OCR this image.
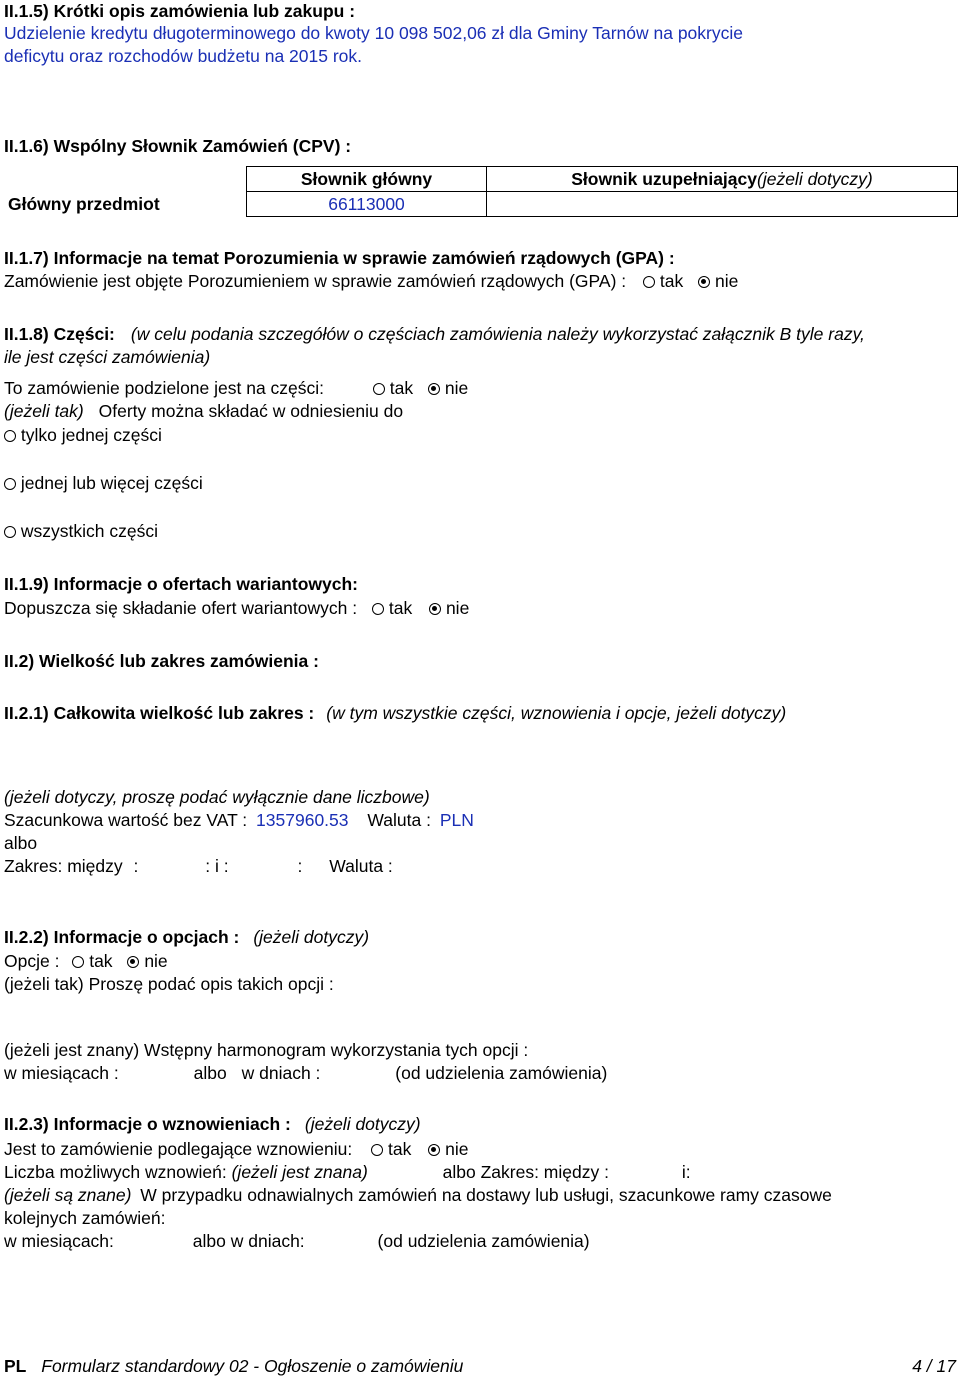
II.1.5) Krótki opis zamówienia lub zakupu :
Udzielenie kredytu długoterminowego do kwoty 10 098 502,06 zł dla Gminy Tarnów na pokrycie
deficytu oraz rozchodów budżetu na 2015 rok.
II.1.6) Wspólny Słownik Zamówień (CPV) :
	Słownik główny	Słownik uzupełniający(jeżeli dotyczy)
Główny przedmiot	66113000	
II.1.7) Informacje na temat Porozumienia w sprawie zamówień rządowych (GPA) :
Zamówienie jest objęte Porozumieniem w sprawie zamówień rządowych (GPA) : tak nie
II.1.8) Części: (w celu podania szczegółów o częściach zamówienia należy wykorzystać załącznik B tyle razy,
ile jest części zamówienia)
To zamówienie podzielone jest na części:	tak nie
(jeżeli tak) Oferty można składać w odniesieniu do
tylko jednej części
jednej lub więcej części
wszystkich części
II.1.9) Informacje o ofertach wariantowych:
Dopuszcza się składanie ofert wariantowych : tak nie
II.2) Wielkość lub zakres zamówienia :
II.2.1) Całkowita wielkość lub zakres : (w tym wszystkie części, wznowienia i opcje, jeżeli dotyczy)
(jeżeli dotyczy, proszę podać wyłącznie dane liczbowe)
Szacunkowa wartość bez VAT : 1357960.53 Waluta : PLN
albo
Zakres: między :	: i :	: Waluta :
II.2.2) Informacje o opcjach : (jeżeli dotyczy)
Opcje : tak nie
(jeżeli tak) Proszę podać opis takich opcji :
(jeżeli jest znany) Wstępny harmonogram wykorzystania tych opcji :
w miesiącach :	albo w dniach :	(od udzielenia zamówienia)
II.2.3) Informacje o wznowieniach : (jeżeli dotyczy)
Jest to zamówienie podlegające wznowieniu: tak nie
Liczba możliwych wznowień: (jeżeli jest znana)	albo Zakres: między :	i:
(jeżeli są znane) W przypadku odnawialnych zamówień na dostawy lub usługi, szacunkowe ramy czasowe
kolejnych zamówień:
w miesiącach:	albo w dniach:	(od udzielenia zamówienia)
PL Formularz standardowy 02 - Ogłoszenie o zamówieniu	4 / 17
